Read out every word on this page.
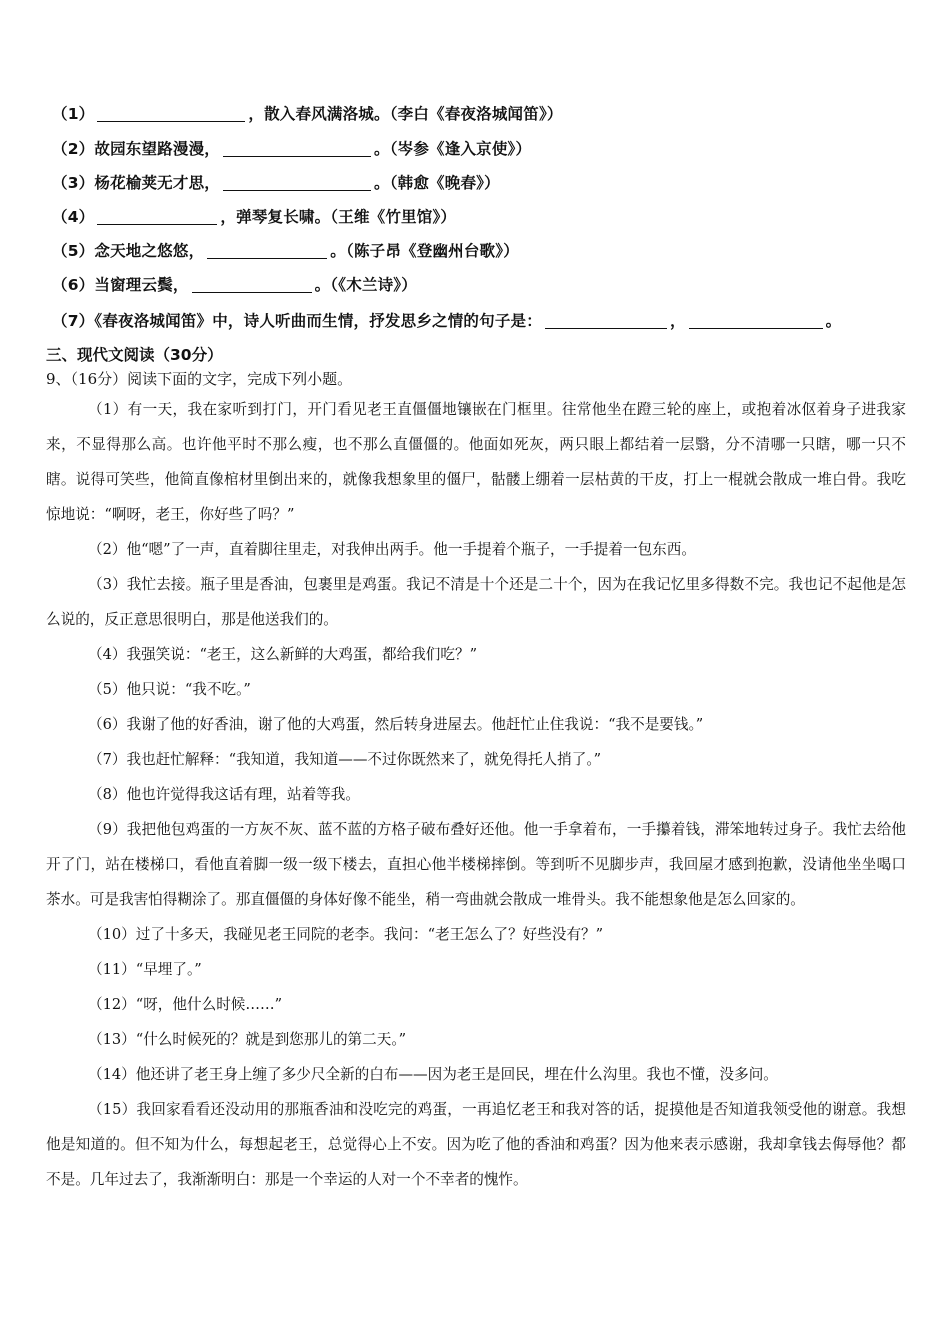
（1）	，散入春风满洛城。（李白《春夜洛城闻笛》）
（2）故园东望路漫漫，	。（岑参《逢入京使》）
（3）杨花榆荚无才思，	。（韩愈《晚春》）
（4）	，弹琴复长啸。（王维《竹里馆》）
（5）念天地之悠悠，	。（陈子昂《登幽州台歌》）
（6）当窗理云鬓，	。（《木兰诗》）
（7）《春夜洛城闻笛》中，诗人听曲而生情，抒发思乡之情的句子是：	，	。
三、现代文阅读（30分）
9、（16分）阅读下面的文字，完成下列小题。

（1）有一天，我在家听到打门，开门看见老王直僵僵地镶嵌在门框里。往常他坐在蹬三轮的座上，或抱着冰伛着身子进我家来，不显得那么高。也许他平时不那么瘦，也不那么直僵僵的。他面如死灰，两只眼上都结着一层翳，分不清哪一只瞎，哪一只不瞎。说得可笑些，他简直像棺材里倒出来的，就像我想象里的僵尸，骷髅上绷着一层枯黄的干皮，打上一棍就会散成一堆白骨。我吃惊地说：“啊呀，老王，你好些了吗？”

（2）他“嗯”了一声，直着脚往里走，对我伸出两手。他一手提着个瓶子，一手提着一包东西。

（3）我忙去接。瓶子里是香油，包裹里是鸡蛋。我记不清是十个还是二十个，因为在我记忆里多得数不完。我也记不起他是怎么说的，反正意思很明白，那是他送我们的。

（4）我强笑说：“老王，这么新鲜的大鸡蛋，都给我们吃？”

（5）他只说：“我不吃。”

（6）我谢了他的好香油，谢了他的大鸡蛋，然后转身进屋去。他赶忙止住我说：“我不是要钱。”

（7）我也赶忙解释：“我知道，我知道——不过你既然来了，就免得托人捎了。”

（8）他也许觉得我这话有理，站着等我。

（9）我把他包鸡蛋的一方灰不灰、蓝不蓝的方格子破布叠好还他。他一手拿着布，一手攥着钱，滞笨地转过身子。我忙去给他开了门，站在楼梯口，看他直着脚一级一级下楼去，直担心他半楼梯摔倒。等到听不见脚步声，我回屋才感到抱歉，没请他坐坐喝口茶水。可是我害怕得糊涂了。那直僵僵的身体好像不能坐，稍一弯曲就会散成一堆骨头。我不能想象他是怎么回家的。

（10）过了十多天，我碰见老王同院的老李。我问：“老王怎么了？好些没有？”

（11）“早埋了。”

（12）“呀，他什么时候……”

（13）“什么时候死的？就是到您那儿的第二天。”

（14）他还讲了老王身上缠了多少尺全新的白布——因为老王是回民，埋在什么沟里。我也不懂，没多问。

（15）我回家看看还没动用的那瓶香油和没吃完的鸡蛋，一再追忆老王和我对答的话，捉摸他是否知道我领受他的谢意。我想他是知道的。但不知为什么，每想起老王，总觉得心上不安。因为吃了他的香油和鸡蛋？因为他来表示感谢，我却拿钱去侮辱他？都不是。几年过去了，我渐渐明白：那是一个幸运的人对一个不幸者的愧怍。
